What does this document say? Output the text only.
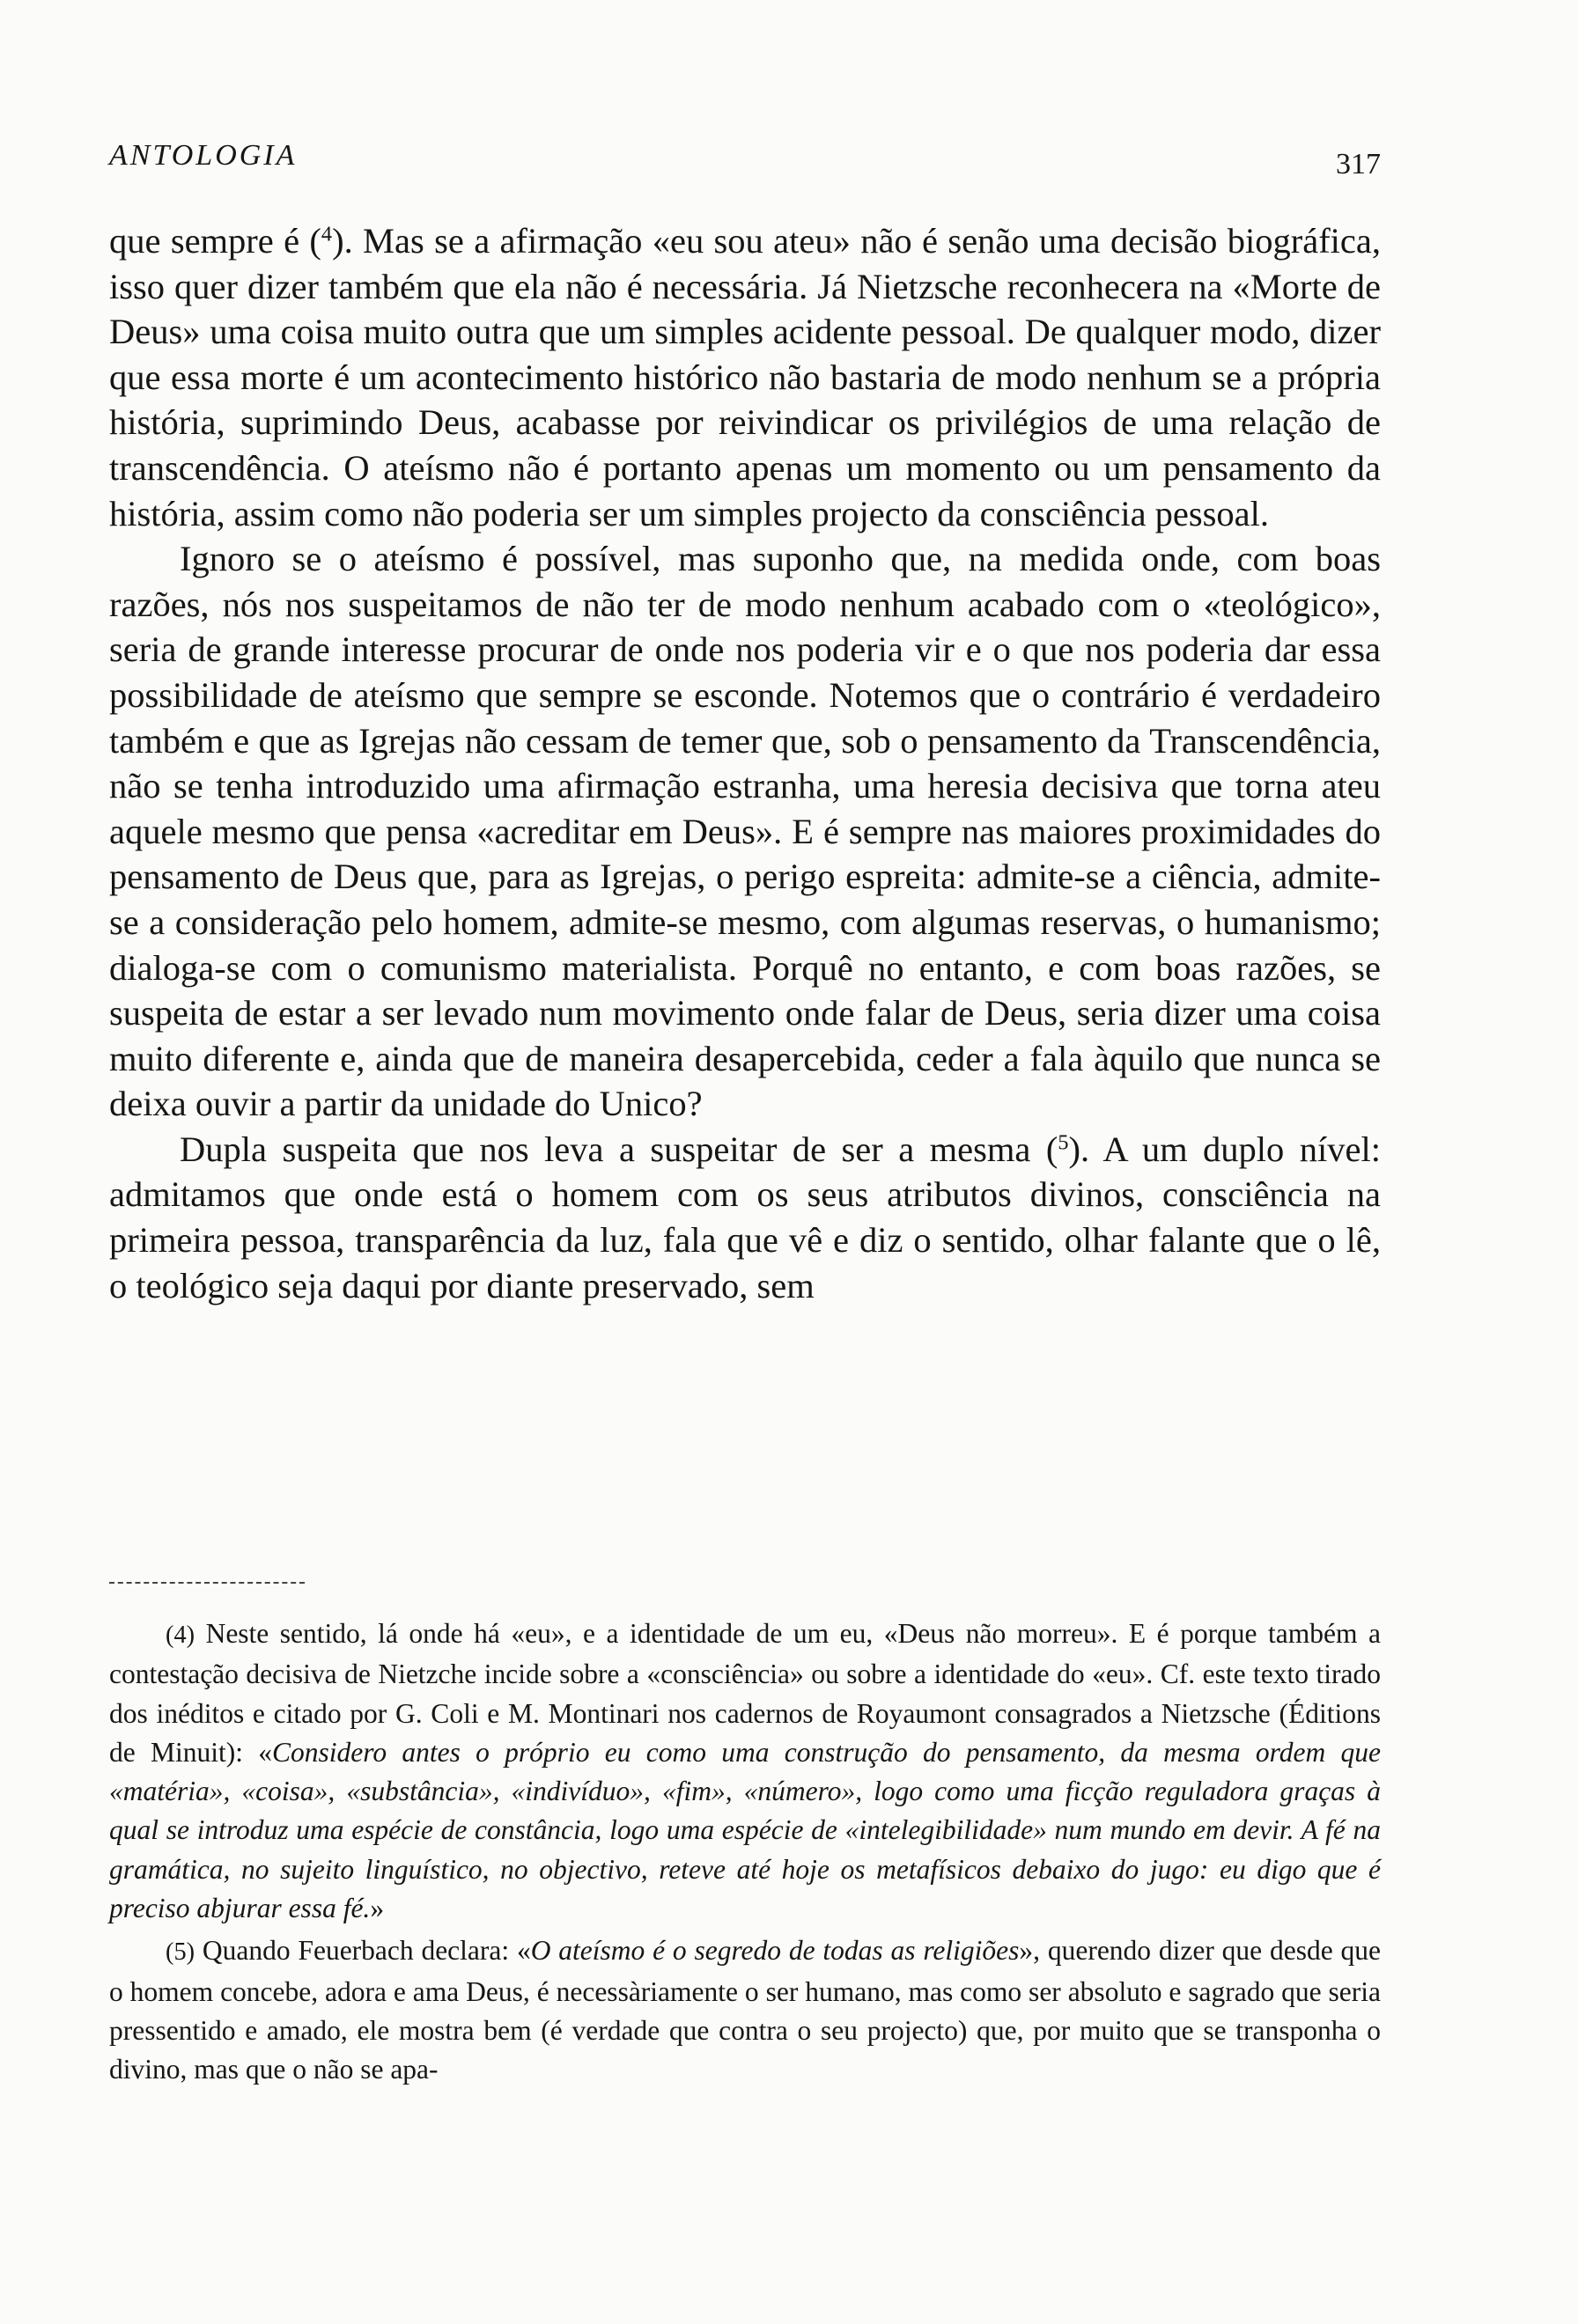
ANTOLOGIA	317

que sempre é ($^4$). Mas se a afirmação «eu sou ateu» não é senão uma decisão biográfica, isso quer dizer também que ela não é necessária. Já Nietzsche reconhecera na «Morte de Deus» uma coisa muito outra que um simples acidente pessoal. De qualquer modo, dizer que essa morte é um acontecimento histórico não bastaria de modo nenhum se a própria história, suprimindo Deus, acabasse por reivindicar os privilégios de uma relação de transcendência. O ateísmo não é portanto apenas um momento ou um pensamento da história, assim como não poderia ser um simples projecto da consciência pessoal.

Ignoro se o ateísmo é possível, mas suponho que, na medida onde, com boas razões, nós nos suspeitamos de não ter de modo nenhum acabado com o «teológico», seria de grande interesse procurar de onde nos poderia vir e o que nos poderia dar essa possibilidade de ateísmo que sempre se esconde. Notemos que o contrário é verdadeiro também e que as Igrejas não cessam de temer que, sob o pensamento da Transcendência, não se tenha introduzido uma afirmação estranha, uma heresia decisiva que torna ateu aquele mesmo que pensa «acreditar em Deus». E é sempre nas maiores proximidades do pensamento de Deus que, para as Igrejas, o perigo espreita: admite-se a ciência, admite-se a consideração pelo homem, admite-se mesmo, com algumas reservas, o humanismo; dialoga-se com o comunismo materialista. Porquê no entanto, e com boas razões, se suspeita de estar a ser levado num movimento onde falar de Deus, seria dizer uma coisa muito diferente e, ainda que de maneira desapercebida, ceder a fala àquilo que nunca se deixa ouvir a partir da unidade do Unico?

Dupla suspeita que nos leva a suspeitar de ser a mesma ($^5$). A um duplo nível: admitamos que onde está o homem com os seus atributos divinos, consciência na primeira pessoa, transparência da luz, fala que vê e diz o sentido, olhar falante que o lê, o teológico seja daqui por diante preservado, sem

(4) Neste sentido, lá onde há «eu», e a identidade de um eu, «Deus não morreu». E é porque também a contestação decisiva de Nietzche incide sobre a «consciência» ou sobre a identidade do «eu». Cf. este texto tirado dos inéditos e citado por G. Coli e M. Montinari nos cadernos de Royaumont consagrados a Nietzsche (Éditions de Minuit): «Considero antes o próprio eu como uma construção do pensamento, da mesma ordem que «matéria», «coisa», «substância», «indivíduo», «fim», «número», logo como uma ficção reguladora graças à qual se introduz uma espécie de constância, logo uma espécie de «intelegibilidade» num mundo em devir. A fé na gramática, no sujeito linguístico, no objectivo, reteve até hoje os metafísicos debaixo do jugo: eu digo que é preciso abjurar essa fé.»

(5) Quando Feuerbach declara: «O ateísmo é o segredo de todas as religiões», querendo dizer que desde que o homem concebe, adora e ama Deus, é necessàriamente o ser humano, mas como ser absoluto e sagrado que seria pressentido e amado, ele mostra bem (é verdade que contra o seu projecto) que, por muito que se transponha o divino, mas que o não se apa-
